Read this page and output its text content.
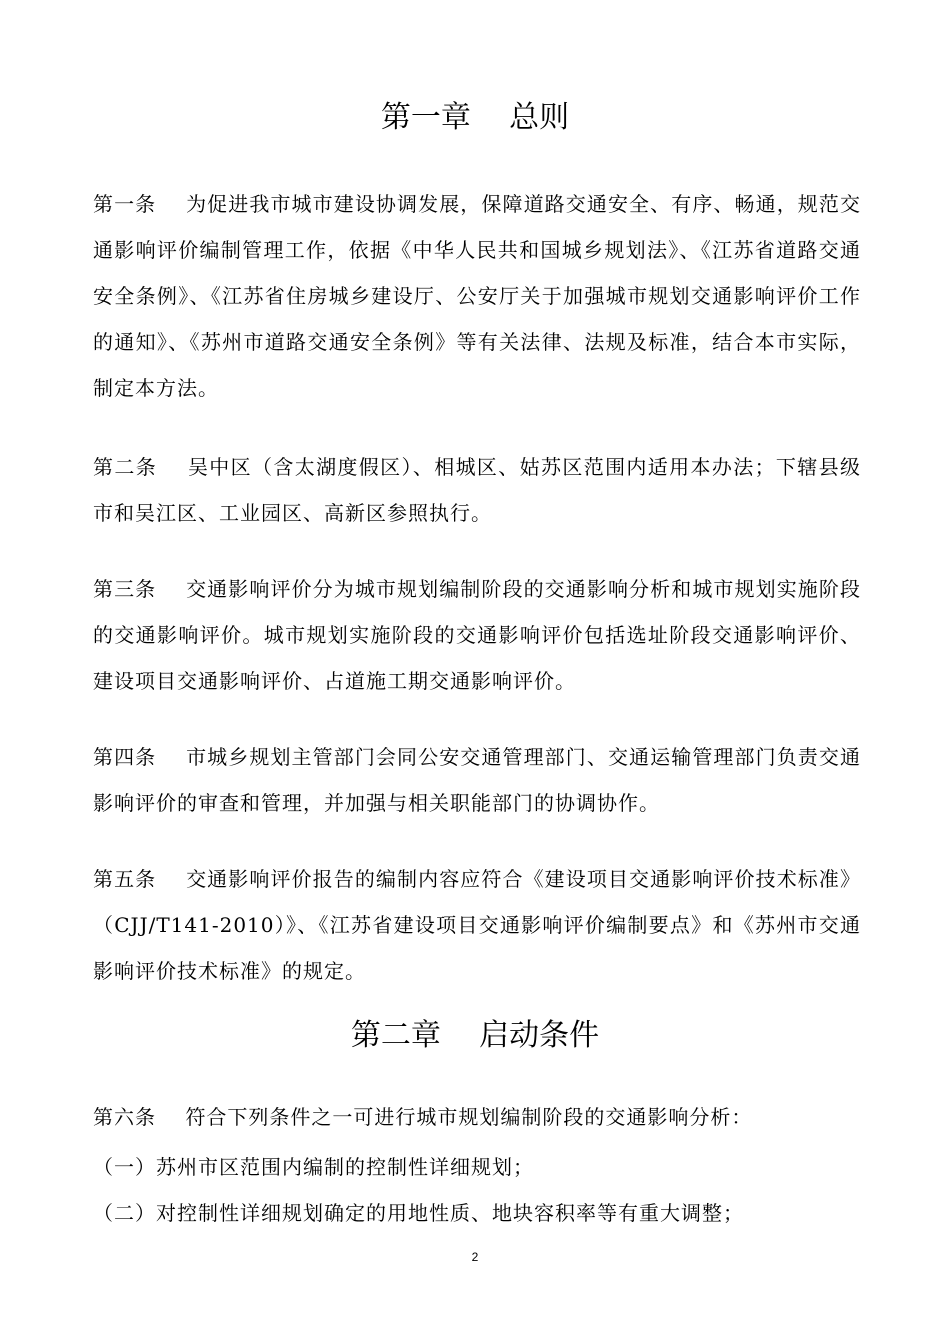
第一章    总则
第一条 为促进我市城市建设协调发展，保障道路交通安全、有序、畅通，规范交通影响评价编制管理工作，依据《中华人民共和国城乡规划法》、《江苏省道路交通安全条例》、《江苏省住房城乡建设厅、公安厅关于加强城市规划交通影响评价工作的通知》、《苏州市道路交通安全条例》等有关法律、法规及标准，结合本市实际，制定本方法。
第二条 吴中区（含太湖度假区）、相城区、姑苏区范围内适用本办法；下辖县级市和吴江区、工业园区、高新区参照执行。
第三条 交通影响评价分为城市规划编制阶段的交通影响分析和城市规划实施阶段的交通影响评价。城市规划实施阶段的交通影响评价包括选址阶段交通影响评价、建设项目交通影响评价、占道施工期交通影响评价。
第四条 市城乡规划主管部门会同公安交通管理部门、交通运输管理部门负责交通影响评价的审查和管理，并加强与相关职能部门的协调协作。
第五条 交通影响评价报告的编制内容应符合《建设项目交通影响评价技术标准》（CJJ/T141-2010）》、《江苏省建设项目交通影响评价编制要点》和《苏州市交通影响评价技术标准》的规定。
第二章    启动条件
第六条 符合下列条件之一可进行城市规划编制阶段的交通影响分析：
（一）苏州市区范围内编制的控制性详细规划；
（二）对控制性详细规划确定的用地性质、地块容积率等有重大调整；
2
